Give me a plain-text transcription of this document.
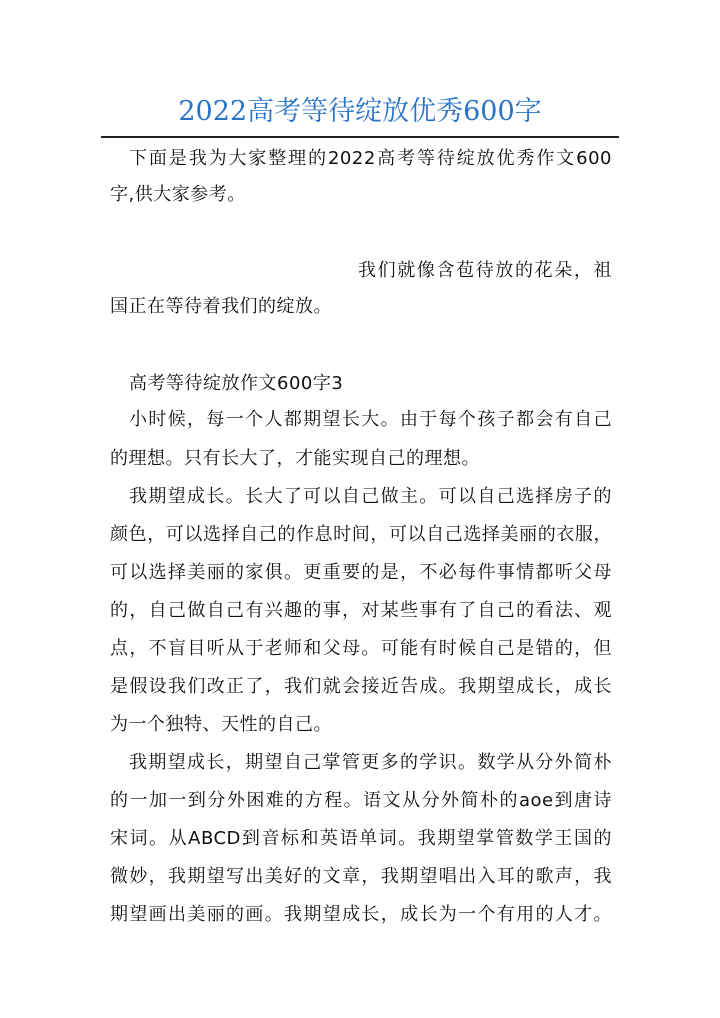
2022高考等待绽放优秀600字
下面是我为大家整理的2022高考等待绽放优秀作文600
字,供大家参考。
我们就像含苞待放的花朵，祖
国正在等待着我们的绽放。
高考等待绽放作文600字3
小时候，每一个人都期望长大。由于每个孩子都会有自己
的理想。只有长大了，才能实现自己的理想。
我期望成长。长大了可以自己做主。可以自己选择房子的
颜色，可以选择自己的作息时间，可以自己选择美丽的衣服，
可以选择美丽的家俱。更重要的是，不必每件事情都听父母
的，自己做自己有兴趣的事，对某些事有了自己的看法、观
点，不盲目听从于老师和父母。可能有时候自己是错的，但
是假设我们改正了，我们就会接近告成。我期望成长，成长
为一个独特、天性的自己。
我期望成长，期望自己掌管更多的学识。数学从分外简朴
的一加一到分外困难的方程。语文从分外简朴的aoe到唐诗
宋词。从ABCD到音标和英语单词。我期望掌管数学王国的
微妙，我期望写出美好的文章，我期望唱出入耳的歌声，我
期望画出美丽的画。我期望成长，成长为一个有用的人才。
